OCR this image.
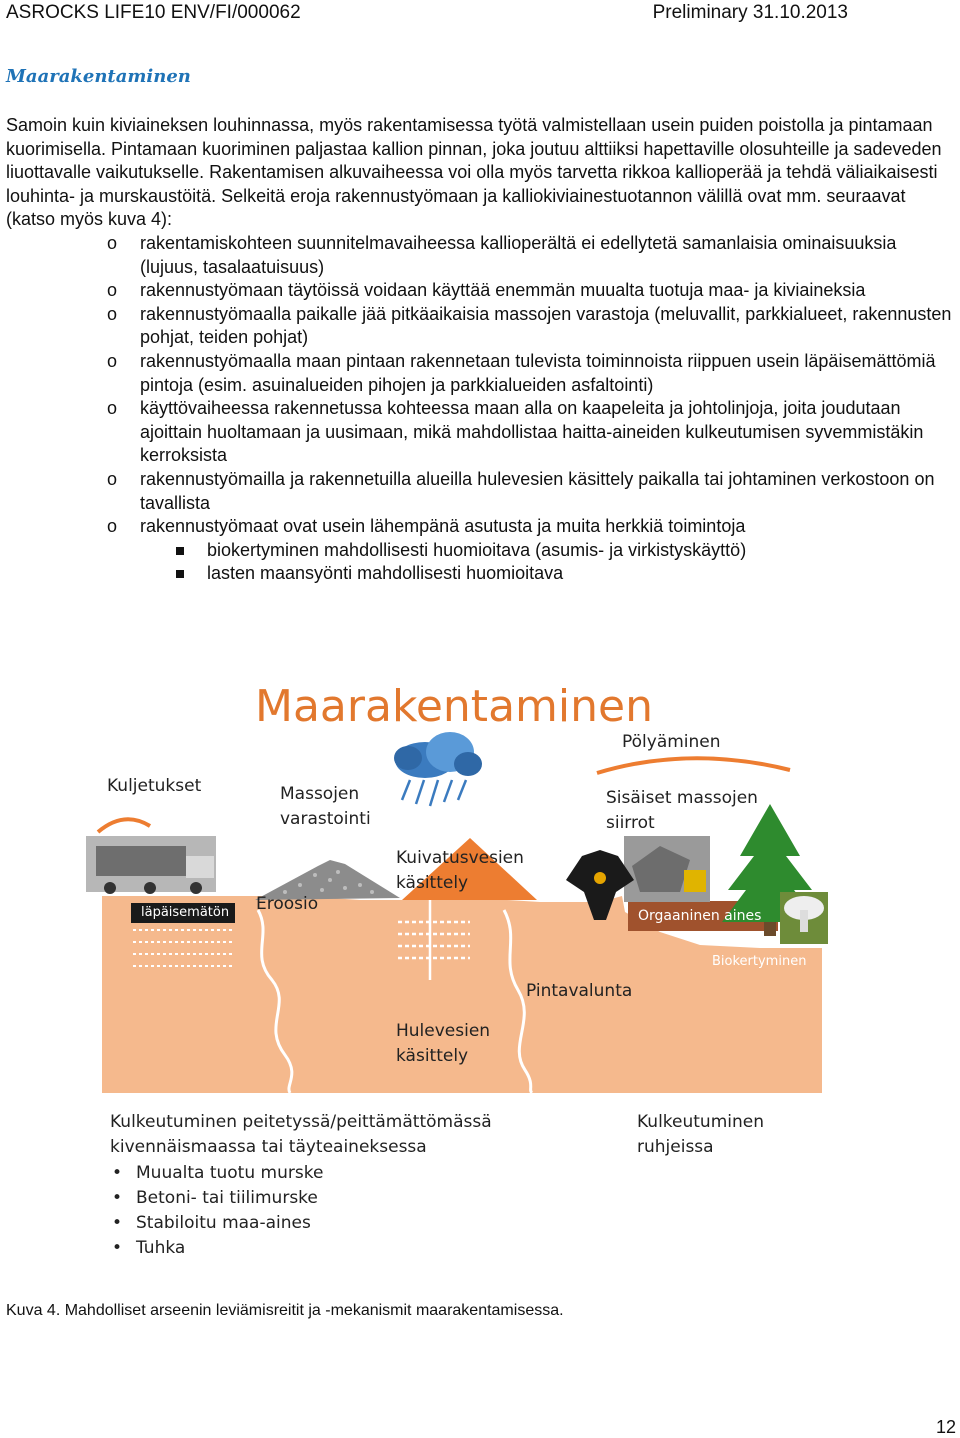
ASROCKS LIFE10 ENV/FI/000062	Preliminary 31.10.2013
Maarakentaminen

Samoin kuin kiviaineksen louhinnassa, myös rakentamisessa työtä valmistellaan usein puiden poistolla ja pintamaan kuorimisella. Pintamaan kuoriminen paljastaa kallion pinnan, joka joutuu alttiiksi hapettaville olosuhteille ja sadeveden liuottavalle vaikutukselle. Rakentamisen alkuvaiheessa voi olla myös tarvetta rikkoa kallioperää ja tehdä väliaikaisesti louhinta- ja murskaustöitä. Selkeitä eroja rakennustyömaan ja kalliokiviainestuotannon välillä ovat mm. seuraavat (katso myös kuva 4):

o rakentamiskohteen suunnitelmavaiheessa kallioperältä ei edellytetä samanlaisia ominaisuuksia (lujuus, tasalaatuisuus)
o rakennustyömaan täytöissä voidaan käyttää enemmän muualta tuotuja maa- ja kiviaineksia
o rakennustyömaalla paikalle jää pitkäaikaisia massojen varastoja (meluvallit, parkkialueet, rakennusten pohjat, teiden pohjat)
o rakennustyömaalla maan pintaan rakennetaan tulevista toiminnoista riippuen usein läpäisemättömiä pintoja (esim. asuinalueiden pihojen ja parkkialueiden asfaltointi)
o käyttövaiheessa rakennetussa kohteessa maan alla on kaapeleita ja johtolinjoja, joita joudutaan ajoittain huoltamaan ja uusimaan, mikä mahdollistaa haitta-aineiden kulkeutumisen syvemmistäkin kerroksista
o rakennustyömailla ja rakennetuilla alueilla hulevesien käsittely paikalla tai johtaminen verkostoon on tavallista
o rakennustyömaat ovat usein lähempänä asutusta ja muita herkkiä toimintoja
biokertyminen mahdollisesti huomioitava (asumis- ja virkistyskäyttö)
lasten maansyönti mahdollisesti huomioitava
Maarakentaminen
Kuljetukset	Massojen
varastointi
Pölyäminen
Sisäiset massojen
siirrot
Kuivatusvesien
käsittely
läpäisemätön Eroosio
Orgaaninen aines
Biokertyminen
Pintavalunta
Hulevesien
käsittely
Kulkeutuminen peitetyssä/peittämättömässä
kivennäismaassa tai täyteaineksessa
Kulkeutuminen
ruhjeissa
• Muualta tuotu murske
• Betoni- tai tiilimurske
• Stabiloitu maa-aines
• Tuhka
Kuva 4. Mahdolliset arseenin leviämisreitit ja -mekanismit maarakentamisessa.
12
